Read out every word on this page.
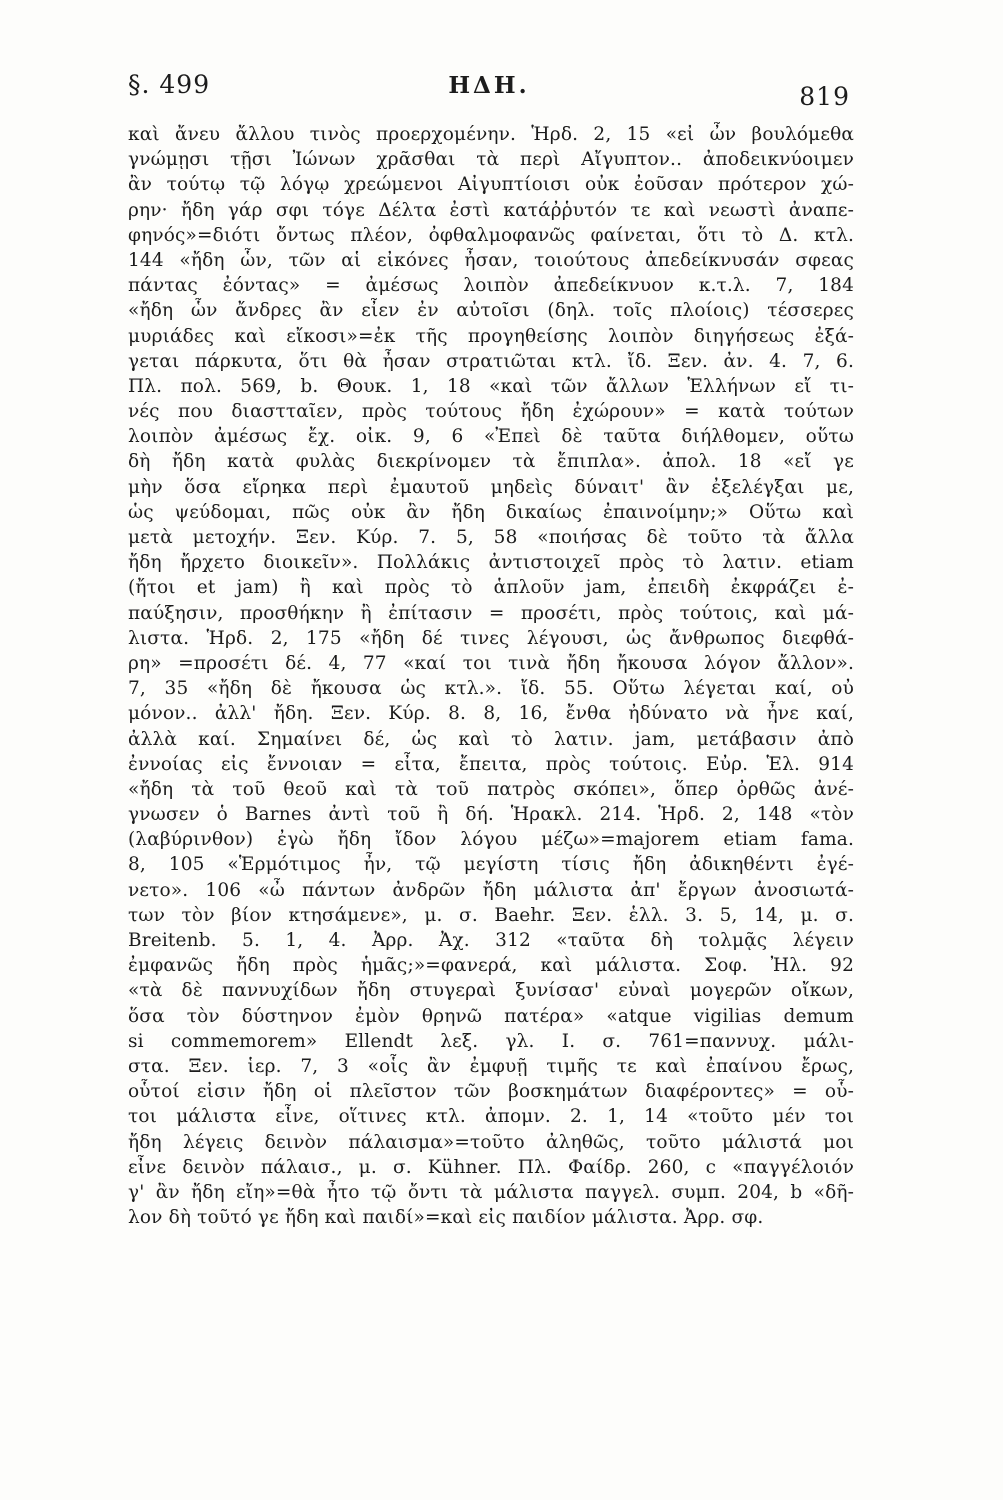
§. 499	ΗΔΗ.	819
καὶ ἄνευ ἄλλου τινὸς προερχομένην. Ἡρδ. 2, 15 «εἰ ὦν βουλόμεθα
γνώμῃσι τῇσι Ἰώνων χρᾶσθαι τὰ περὶ Αἴγυπτον.. ἀποδεικνύοιμεν
ἂν τούτῳ τῷ λόγῳ χρεώμενοι Αἰγυπτίοισι οὐκ ἐοῦσαν πρότερον χώ-
ρην· ἤδη γάρ σφι τόγε Δέλτα ἐστὶ κατάῤῥυτόν τε καὶ νεωστὶ ἀναπε-
φηνός»=διότι ὄντως πλέον, ὀφθαλμοφανῶς φαίνεται, ὅτι τὸ Δ. κτλ.
144 «ἤδη ὧν, τῶν αἱ εἰκόνες ἦσαν, τοιούτους ἀπεδείκνυσάν σφεας
πάντας ἐόντας» = ἀμέσως λοιπὸν ἀπεδείκνυον κ.τ.λ. 7, 184
«ἤδη ὧν ἄνδρες ἂν εἶεν ἐν αὐτοῖσι (δηλ. τοῖς πλοίοις) τέσσερες
μυριάδες καὶ εἴκοσι»=ἐκ τῆς προγηθείσης λοιπὸν διηγήσεως ἐξά-
γεται πάρκυτα, ὅτι θὰ ἦσαν στρατιῶται κτλ. ἴδ. Ξεν. ἀν. 4. 7, 6.
Πλ. πολ. 569, b. Θουκ. 1, 18 «καὶ τῶν ἄλλων Ἑλλήνων εἴ τι-
νές που διαστταῖεν, πρὸς τούτους ἤδη ἐχώρουν» = κατὰ τούτων
λοιπὸν ἀμέσως ἔχ. οἰκ. 9, 6 «Ἐπεὶ δὲ ταῦτα διήλθομεν, οὕτω
δὴ ἤδη κατὰ φυλὰς διεκρίνομεν τὰ ἔπιπλα». ἀπολ. 18 «εἴ γε
μὴν ὅσα εἴρηκα περὶ ἐμαυτοῦ μηδεὶς δύναιτ' ἂν ἐξελέγξαι με,
ὡς ψεύδομαι, πῶς οὐκ ἂν ἤδη δικαίως ἐπαινοίμην;» Οὕτω καὶ
μετὰ μετοχήν. Ξεν. Κύρ. 7. 5, 58 «ποιήσας δὲ τοῦτο τὰ ἄλλα
ἤδη ἤρχετο διοικεῖν». Πολλάκις ἀντιστοιχεῖ πρὸς τὸ λατιν. etiam
(ἤτοι et jam) ἢ καὶ πρὸς τὸ ἁπλοῦν jam, ἐπειδὴ ἐκφράζει ἐ-
παύξησιν, προσθήκην ἢ ἐπίτασιν = προσέτι, πρὸς τούτοις, καὶ μά-
λιστα. Ἡρδ. 2, 175 «ἤδη δέ τινες λέγουσι, ὡς ἄνθρωπος διεφθά-
ρη» =προσέτι δέ. 4, 77 «καί τοι τινὰ ἤδη ἤκουσα λόγον ἄλλον».
7, 35 «ἤδη δὲ ἤκουσα ὡς κτλ.». ἴδ. 55. Οὕτω λέγεται καί, οὐ
μόνον.. ἀλλ' ἤδη. Ξεν. Κύρ. 8. 8, 16, ἔνθα ἠδύνατο νὰ ἦνε καί,
ἀλλὰ καί. Σημαίνει δέ, ὡς καὶ τὸ λατιν. jam, μετάβασιν ἀπὸ
ἐννοίας εἰς ἔννοιαν = εἶτα, ἔπειτα, πρὸς τούτοις. Εὐρ. Ἑλ. 914
«ἤδη τὰ τοῦ θεοῦ καὶ τὰ τοῦ πατρὸς σκόπει», ὅπερ ὀρθῶς ἀνέ-
γνωσεν ὁ Barnes ἀντὶ τοῦ ἢ δή. Ἡρακλ. 214. Ἡρδ. 2, 148 «τὸν
(λαβύρινθον) ἐγὼ ἤδη ἴδον λόγου μέζω»=majorem etiam fama.
8, 105 «Ἑρμότιμος ἦν, τῷ μεγίστη τίσις ἤδη ἀδικηθέντι ἐγέ-
νετο». 106 «ὦ πάντων ἀνδρῶν ἤδη μάλιστα ἀπ' ἔργων ἀνοσιωτά-
των τὸν βίον κτησάμενε», μ. σ. Baehr. Ξεν. ἑλλ. 3. 5, 14, μ. σ.
Breitenb. 5. 1, 4. Ἀρρ. Ἀχ. 312 «ταῦτα δὴ τολμᾷς λέγειν
ἐμφανῶς ἤδη πρὸς ἡμᾶς;»=φανερά, καὶ μάλιστα. Σοφ. Ἠλ. 92
«τὰ δὲ παννυχίδων ἤδη στυγεραὶ ξυνίσασ' εὐναὶ μογερῶν οἴκων,
ὅσα τὸν δύστηνον ἐμὸν θρηνῶ πατέρα» «atque vigilias demum
si commemorem» Ellendt λεξ. γλ. I. σ. 761=παννυχ. μάλι-
στα. Ξεν. ἱερ. 7, 3 «οἷς ἂν ἐμφυῇ τιμῆς τε καὶ ἐπαίνου ἔρως,
οὗτοί εἰσιν ἤδη οἱ πλεῖστον τῶν βοσκημάτων διαφέροντες» = οὗ-
τοι μάλιστα εἶνε, οἵτινες κτλ. ἀπομν. 2. 1, 14 «τοῦτο μέν τοι
ἤδη λέγεις δεινὸν πάλαισμα»=τοῦτο ἀληθῶς, τοῦτο μάλιστά μοι
εἶνε δεινὸν πάλαισ., μ. σ. Kühner. Πλ. Φαίδρ. 260, c «παγγέλοιόν
γ' ἂν ἤδη εἴη»=θὰ ἦτο τῷ ὄντι τὰ μάλιστα παγγελ. συμπ. 204, b «δῆ-
λον δὴ τοῦτό γε ἤδη καὶ παιδί»=καὶ εἰς παιδίον μάλιστα. Ἀρρ. σφ.
